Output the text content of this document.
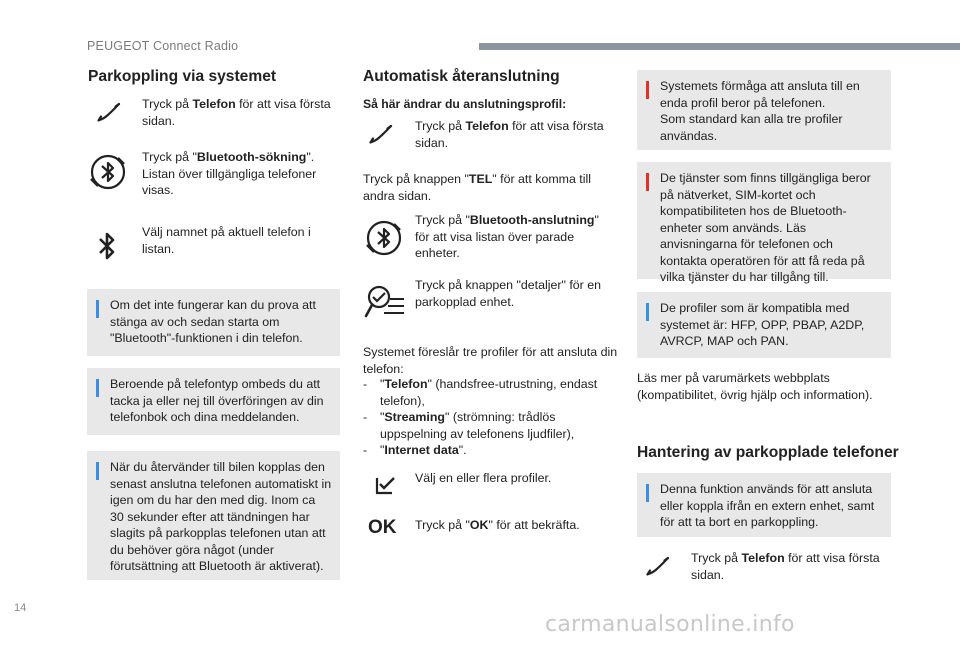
PEUGEOT Connect Radio
Parkoppling via systemet
Tryck på Telefon för att visa första sidan.
Tryck på "Bluetooth-sökning". Listan över tillgängliga telefoner visas.
Välj namnet på aktuell telefon i listan.
Om det inte fungerar kan du prova att stänga av och sedan starta om "Bluetooth"-funktionen i din telefon.
Beroende på telefontyp ombeds du att tacka ja eller nej till överföringen av din telefonbok och dina meddelanden.
När du återvänder till bilen kopplas den senast anslutna telefonen automatiskt in igen om du har den med dig. Inom ca 30 sekunder efter att tändningen har slagits på parkopplas telefonen utan att du behöver göra något (under förutsättning att Bluetooth är aktiverat).
Automatisk återanslutning
Så här ändrar du anslutningsprofil:
Tryck på Telefon för att visa första sidan.
Tryck på knappen "TEL" för att komma till andra sidan.
Tryck på "Bluetooth-anslutning" för att visa listan över parade enheter.
Tryck på knappen "detaljer" för en parkopplad enhet.
Systemet föreslår tre profiler för att ansluta din telefon:
- "Telefon" (handsfree-utrustning, endast telefon),
- "Streaming" (strömning: trådlös uppspelning av telefonens ljudfiler),
- "Internet data".
Välj en eller flera profiler.
OK Tryck på "OK" för att bekräfta.
Systemets förmåga att ansluta till en enda profil beror på telefonen.
Som standard kan alla tre profiler användas.
De tjänster som finns tillgängliga beror på nätverket, SIM-kortet och kompatibiliteten hos de Bluetooth-enheter som används. Läs anvisningarna för telefonen och kontakta operatören för att få reda på vilka tjänster du har tillgång till.
De profiler som är kompatibla med systemet är: HFP, OPP, PBAP, A2DP, AVRCP, MAP och PAN.
Läs mer på varumärkets webbplats (kompatibilitet, övrig hjälp och information).
Hantering av parkopplade telefoner
Denna funktion används för att ansluta eller koppla ifrån en extern enhet, samt för att ta bort en parkoppling.
Tryck på Telefon för att visa första sidan.
14
carmanualsonline.info
